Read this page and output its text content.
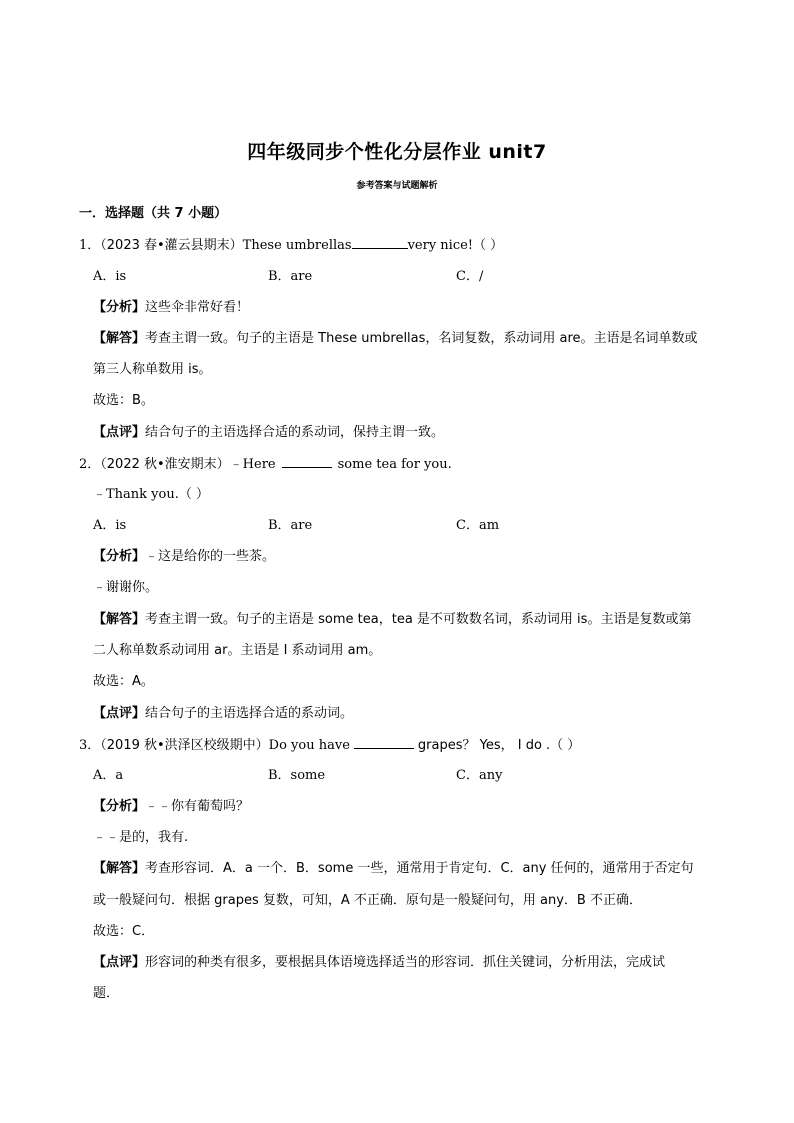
四年级同步个性化分层作业 unit7
参考答案与试题解析
一．选择题（共 7 小题）
1．（2023 春•灌云县期末）These umbrellas	very nice!（ ）
A．is	B．are	C．/
【分析】这些伞非常好看！
【解答】考查主谓一致。句子的主语是 These umbrellas，名词复数，系动词用 are。主语是名词单数或
第三人称单数用 is。
故选：B。
【点评】结合句子的主语选择合适的系动词，保持主谓一致。
2．（2022 秋•淮安期末）﹣Here	some tea for you.
﹣Thank you.（ ）
A．is	B．are	C．am
【分析】﹣这是给你的一些茶。
﹣谢谢你。
【解答】考查主谓一致。句子的主语是 some tea，tea 是不可数数名词，系动词用 is。主语是复数或第
二人称单数系动词用 ar。主语是 I 系动词用 am。
故选：A。
【点评】结合句子的主语选择合适的系动词。
3．（2019 秋•洪泽区校级期中）Do you have	grapes？ Yes， I do .（ ）
A．a	B．some	C．any
【分析】﹣﹣你有葡萄吗？
﹣﹣是的，我有.
【解答】考查形容词．A．a 一个．B．some 一些，通常用于肯定句．C．any 任何的，通常用于否定句
或一般疑问句．根据 grapes 复数，可知，A 不正确．原句是一般疑问句，用 any．B 不正确．
故选：C．
【点评】形容词的种类有很多，要根据具体语境选择适当的形容词．抓住关键词，分析用法，完成试
题．
